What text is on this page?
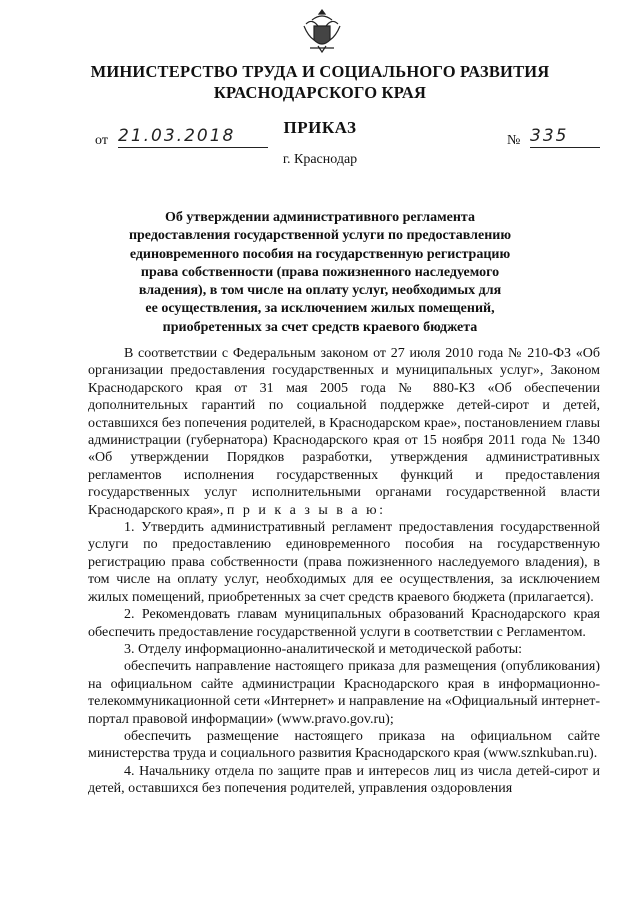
МИНИСТЕРСТВО ТРУДА И СОЦИАЛЬНОГО РАЗВИТИЯ
КРАСНОДАРСКОГО КРАЯ
ПРИКАЗ
от 21.03.2018	№ 335
г. Краснодар
Об утверждении административного регламента
предоставления государственной услуги по предоставлению
единовременного пособия на государственную регистрацию
права собственности (права пожизненного наследуемого
владения), в том числе на оплату услуг, необходимых для
ее осуществления, за исключением жилых помещений,
приобретенных за счет средств краевого бюджета

В соответствии с Федеральным законом от 27 июля 2010 года № 210-ФЗ «Об организации предоставления государственных и муниципальных услуг», Законом Краснодарского края от 31 мая 2005 года № 880-КЗ «Об обеспечении дополнительных гарантий по социальной поддержке детей-сирот и детей, оставшихся без попечения родителей, в Краснодарском крае», постановлением главы администрации (губернатора) Краснодарского края от 15 ноября 2011 года № 1340 «Об утверждении Порядков разработки, утверждения административных регламентов исполнения государственных функций и предоставления государственных услуг исполнительными органами государственной власти Краснодарского края», п р и к а з ы в а ю:

1. Утвердить административный регламент предоставления государственной услуги по предоставлению единовременного пособия на государственную регистрацию права собственности (права пожизненного наследуемого владения), в том числе на оплату услуг, необходимых для ее осуществления, за исключением жилых помещений, приобретенных за счет средств краевого бюджета (прилагается).

2. Рекомендовать главам муниципальных образований Краснодарского края обеспечить предоставление государственной услуги в соответствии с Регламентом.

3. Отделу информационно-аналитической и методической работы:

обеспечить направление настоящего приказа для размещения (опубликования) на официальном сайте администрации Краснодарского края в информационно-телекоммуникационной сети «Интернет» и направление на «Официальный интернет-портал правовой информации» (www.pravo.gov.ru);

обеспечить размещение настоящего приказа на официальном сайте министерства труда и социального развития Краснодарского края (www.sznkuban.ru).

4. Начальнику отдела по защите прав и интересов лиц из числа детей-сирот и детей, оставшихся без попечения родителей, управления оздоровления
